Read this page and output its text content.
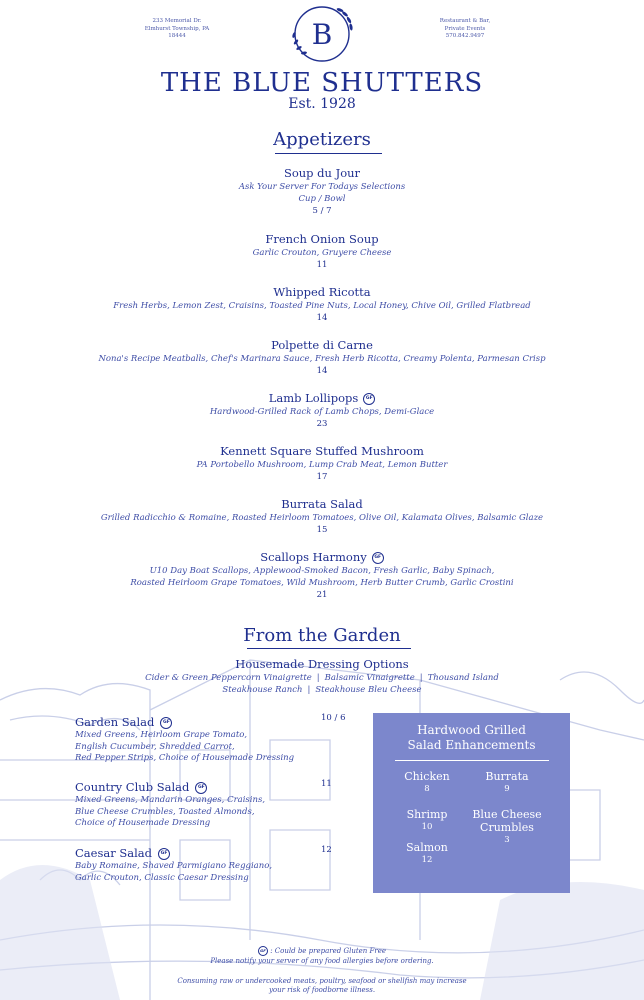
233 Memorial Dr.
Elmhurst Township, PA
18444	B	Restaurant & Bar,
Private Events
570.842.9497
THE BLUE SHUTTERS
Est. 1928
Appetizers
Soup du Jour
Ask Your Server For Todays Selections
Cup / Bowl
5 / 7
French Onion Soup
Garlic Crouton, Gruyere Cheese
11
Whipped Ricotta
Fresh Herbs, Lemon Zest, Craisins, Toasted Pine Nuts, Local Honey, Chive Oil, Grilled Flatbread
14
Polpette di Carne
Nona's Recipe Meatballs, Chef's Marinara Sauce, Fresh Herb Ricotta, Creamy Polenta, Parmesan Crisp
14
Lamb Lollipops	GF
Hardwood-Grilled Rack of Lamb Chops, Demi-Glace
23
Kennett Square Stuffed Mushroom
PA Portobello Mushroom, Lump Crab Meat, Lemon Butter
17
Burrata Salad
Grilled Radicchio & Romaine, Roasted Heirloom Tomatoes, Olive Oil, Kalamata Olives, Balsamic Glaze
15
Scallops Harmony	GF
U10 Day Boat Scallops, Applewood-Smoked Bacon, Fresh Garlic, Baby Spinach,
Roasted Heirloom Grape Tomatoes, Wild Mushroom, Herb Butter Crumb, Garlic Crostini
21
From the Garden
Housemade Dressing Options
Cider & Green Peppercorn Vinaigrette | Balsamic Vinaigrette | Thousand Island
Steakhouse Ranch | Steakhouse Bleu Cheese
Garden Salad	GF
Mixed Greens, Heirloom Grape Tomato,
English Cucumber, Shredded Carrot,
Red Pepper Strips, Choice of Housemade Dressing
10 / 6
Country Club Salad	GF
Mixed Greens, Mandarin Oranges, Craisins,
Blue Cheese Crumbles, Toasted Almonds,
Choice of Housemade Dressing
11
Caesar Salad	GF
Baby Romaine, Shaved Parmigiano Reggiano,
Garlic Crouton, Classic Caesar Dressing
12
Hardwood Grilled
Salad Enhancements
Chicken
8
Burrata
9
Shrimp
10
Blue Cheese Crumbles
3
Salmon
12
GF : Could be prepared Gluten Free
Please notify your server of any food allergies before ordering.
Consuming raw or undercooked meats, poultry, seafood or shellfish may increase
your risk of foodborne illness.
